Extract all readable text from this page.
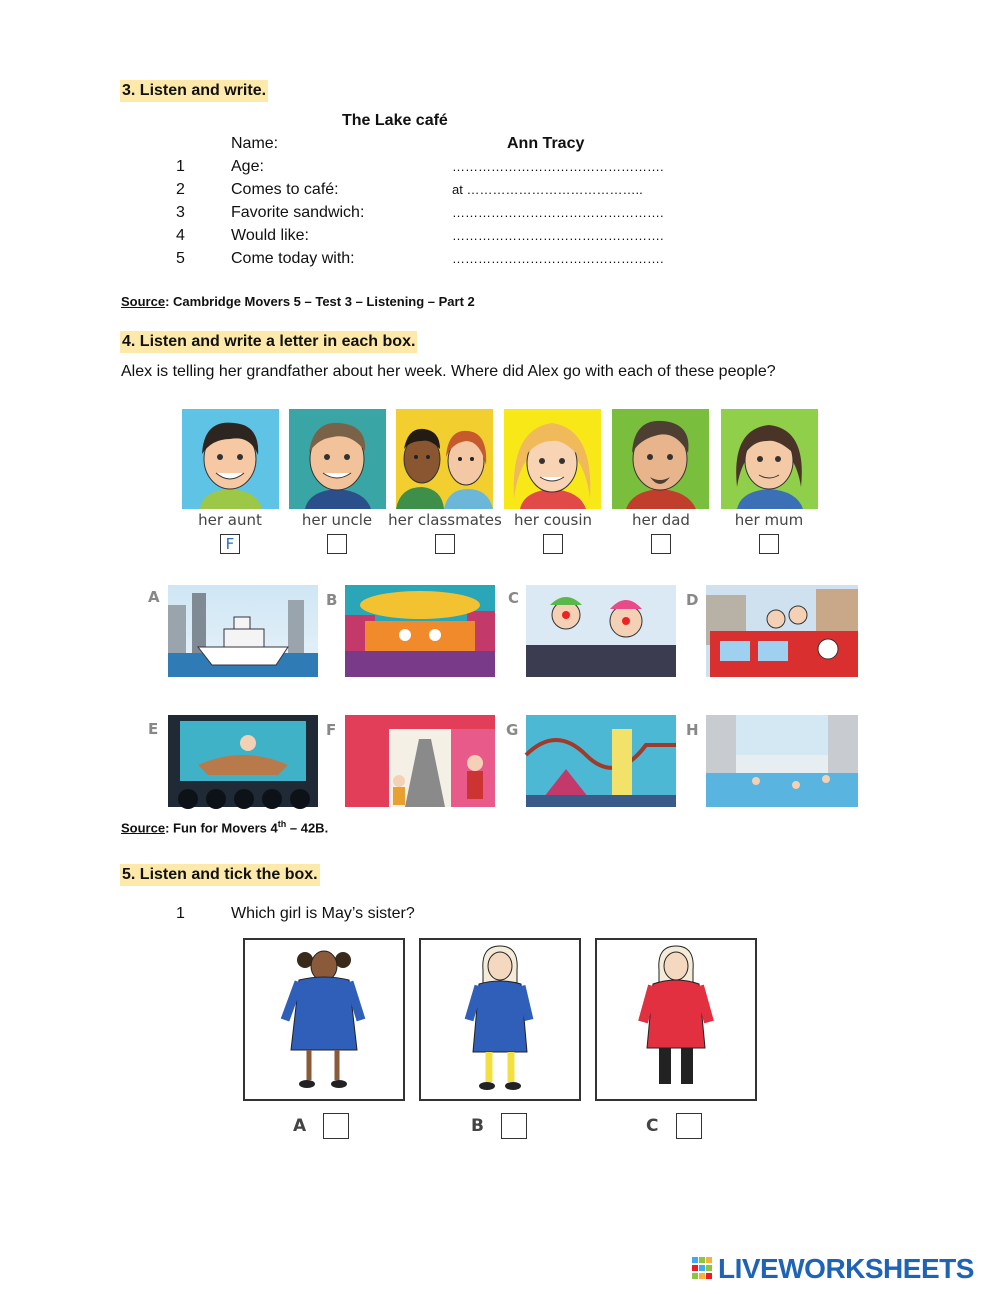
3. Listen and write.
The Lake café
Name:	Ann Tracy
1	Age:	………………………………………….
2	Comes to café:	at …………………………………..
3	Favorite sandwich:	………………………………………….
4	Would like:	………………………………………….
5	Come today with:	………………………………………….
Source: Cambridge Movers 5 – Test 3 – Listening – Part 2
4. Listen and write a letter in each box.
Alex is telling her grandfather about her week. Where did Alex go with each of these people?
her aunt
F
her uncle	her classmates her cousin	her dad	her mum
A	B	C	D
E	F	G	H
Source: Fun for Movers 4th – 42B.
5. Listen and tick the box.
1	Which girl is May’s sister?
A	B	C
LIVEWORKSHEETS
